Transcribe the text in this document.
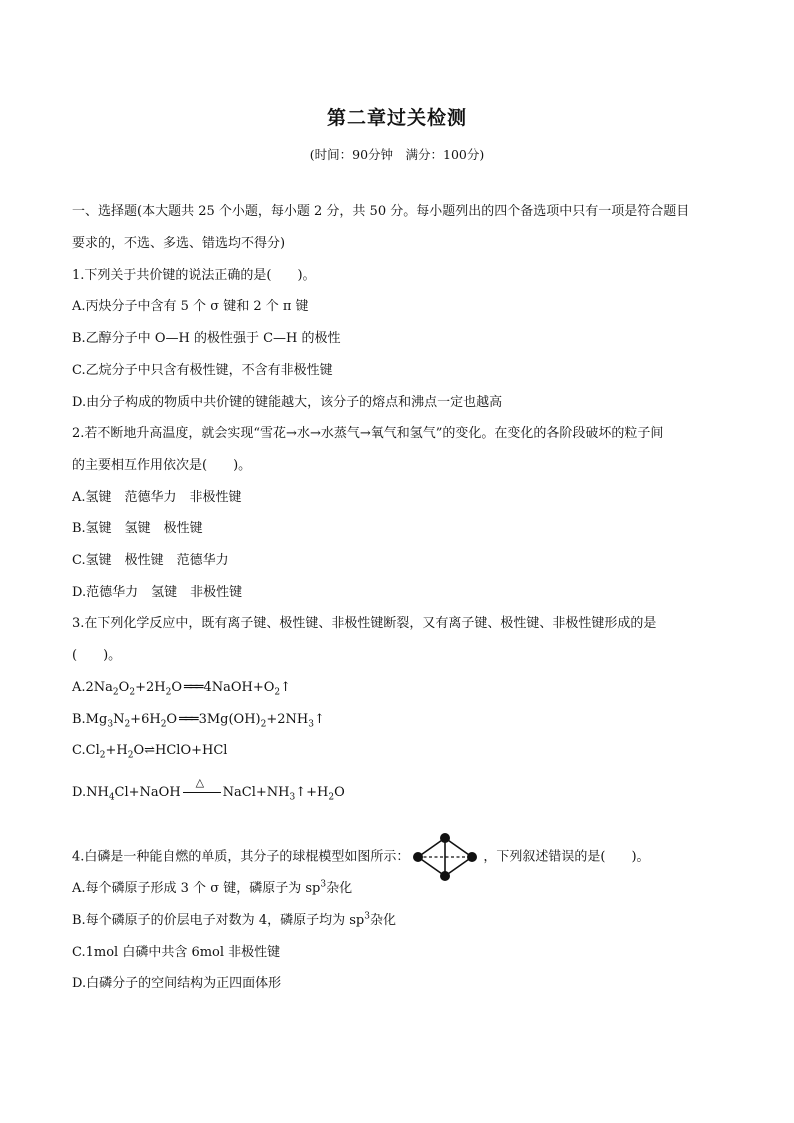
第二章过关检测
(时间：90分钟　满分：100分)
一、选择题(本大题共 25 个小题，每小题 2 分，共 50 分。每小题列出的四个备选项中只有一项是符合题目
要求的，不选、多选、错选均不得分)
1.下列关于共价键的说法正确的是(　　)。
A.丙炔分子中含有 5 个 σ 键和 2 个 π 键
B.乙醇分子中 O—H 的极性强于 C—H 的极性
C.乙烷分子中只含有极性键，不含有非极性键
D.由分子构成的物质中共价键的键能越大，该分子的熔点和沸点一定也越高
2.若不断地升高温度，就会实现“雪花→水→水蒸气→氧气和氢气”的变化。在变化的各阶段破坏的粒子间
的主要相互作用依次是(　　)。
A.氢键　范德华力　非极性键
B.氢键　氢键　极性键
C.氢键　极性键　范德华力
D.范德华力　氢键　非极性键
3.在下列化学反应中，既有离子键、极性键、非极性键断裂，又有离子键、极性键、非极性键形成的是
(　　)。
$A.2Na_2O_2+2H_2O$ ═══ $4NaOH+O_2↑$
$B.Mg_3N_2+6H_2O$ ═══ $3Mg(OH)_2+2NH_3↑$
$C.Cl_2+H_2O\rightleftharpoons HClO+HCl$
$D.NH_4Cl+NaOH$
△
$NaCl+NH_3↑+H_2O$
4.白磷是一种能自燃的单质，其分子的球棍模型如图所示：	，下列叙述错误的是(　　)。
A.每个磷原子形成 3 个 σ 键，磷原子为 $sp^3$杂化
B.每个磷原子的价层电子对数为 4，磷原子均为 $sp^3$杂化
C.1mol 白磷中共含 6mol 非极性键
D.白磷分子的空间结构为正四面体形
